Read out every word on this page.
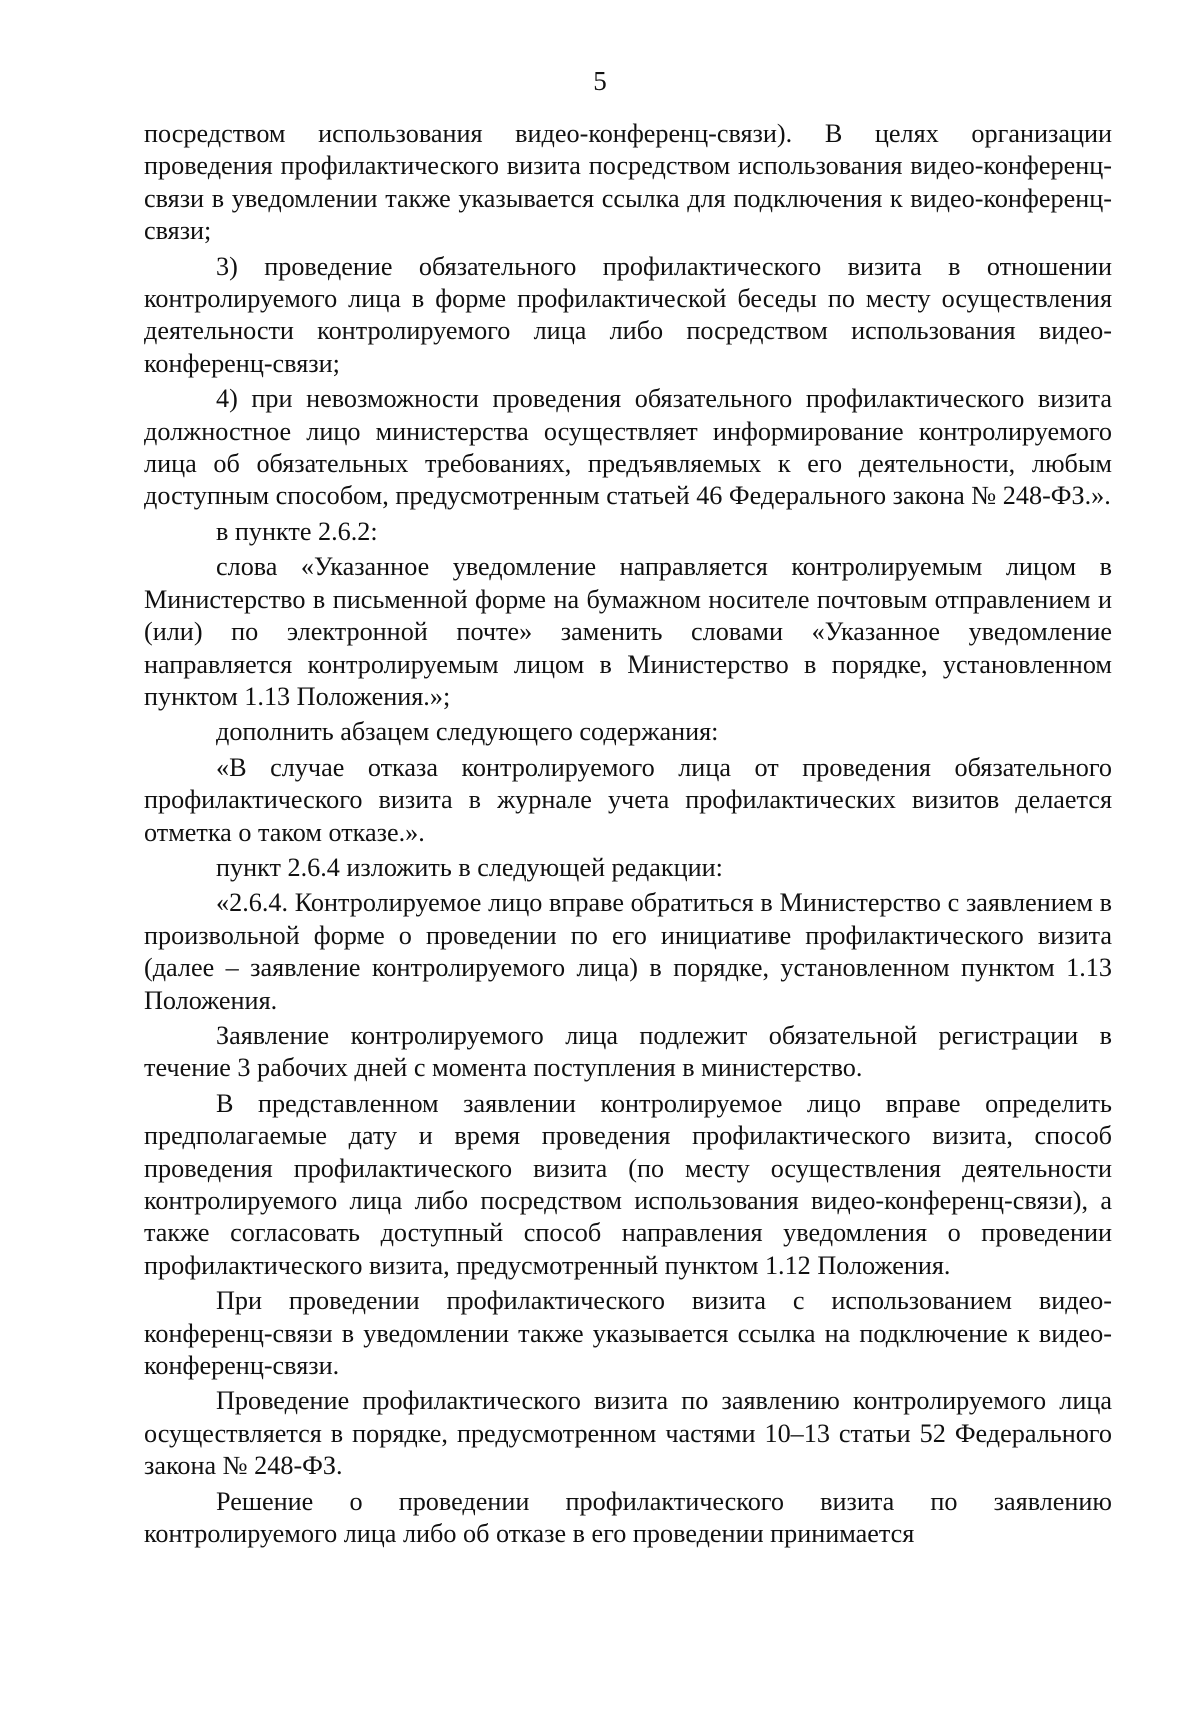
5

посредством использования видео-конференц-связи). В целях организации проведения профилактического визита посредством использования видео-конференц-связи в уведомлении также указывается ссылка для подключения к видео-конференц-связи;

3) проведение обязательного профилактического визита в отношении контролируемого лица в форме профилактической беседы по месту осуществления деятельности контролируемого лица либо посредством использования видео-конференц-связи;

4) при невозможности проведения обязательного профилактического визита должностное лицо министерства осуществляет информирование контролируемого лица об обязательных требованиях, предъявляемых к его деятельности, любым доступным способом, предусмотренным статьей 46 Федерального закона № 248-ФЗ.».

в пункте 2.6.2:

слова «Указанное уведомление направляется контролируемым лицом в Министерство в письменной форме на бумажном носителе почтовым отправлением и (или) по электронной почте» заменить словами «Указанное уведомление направляется контролируемым лицом в Министерство в порядке, установленном пунктом 1.13 Положения.»;

дополнить абзацем следующего содержания:

«В случае отказа контролируемого лица от проведения обязательного профилактического визита в журнале учета профилактических визитов делается отметка о таком отказе.».

пункт 2.6.4 изложить в следующей редакции:

«2.6.4. Контролируемое лицо вправе обратиться в Министерство с заявлением в произвольной форме о проведении по его инициативе профилактического визита (далее – заявление контролируемого лица) в порядке, установленном пунктом 1.13 Положения.

Заявление контролируемого лица подлежит обязательной регистрации в течение 3 рабочих дней с момента поступления в министерство.

В представленном заявлении контролируемое лицо вправе определить предполагаемые дату и время проведения профилактического визита, способ проведения профилактического визита (по месту осуществления деятельности контролируемого лица либо посредством использования видео-конференц-связи), а также согласовать доступный способ направления уведомления о проведении профилактического визита, предусмотренный пунктом 1.12 Положения.

При проведении профилактического визита с использованием видео-конференц-связи в уведомлении также указывается ссылка на подключение к видео-конференц-связи.

Проведение профилактического визита по заявлению контролируемого лица осуществляется в порядке, предусмотренном частями 10–13 статьи 52 Федерального закона № 248-ФЗ.

Решение о проведении профилактического визита по заявлению контролируемого лица либо об отказе в его проведении принимается
